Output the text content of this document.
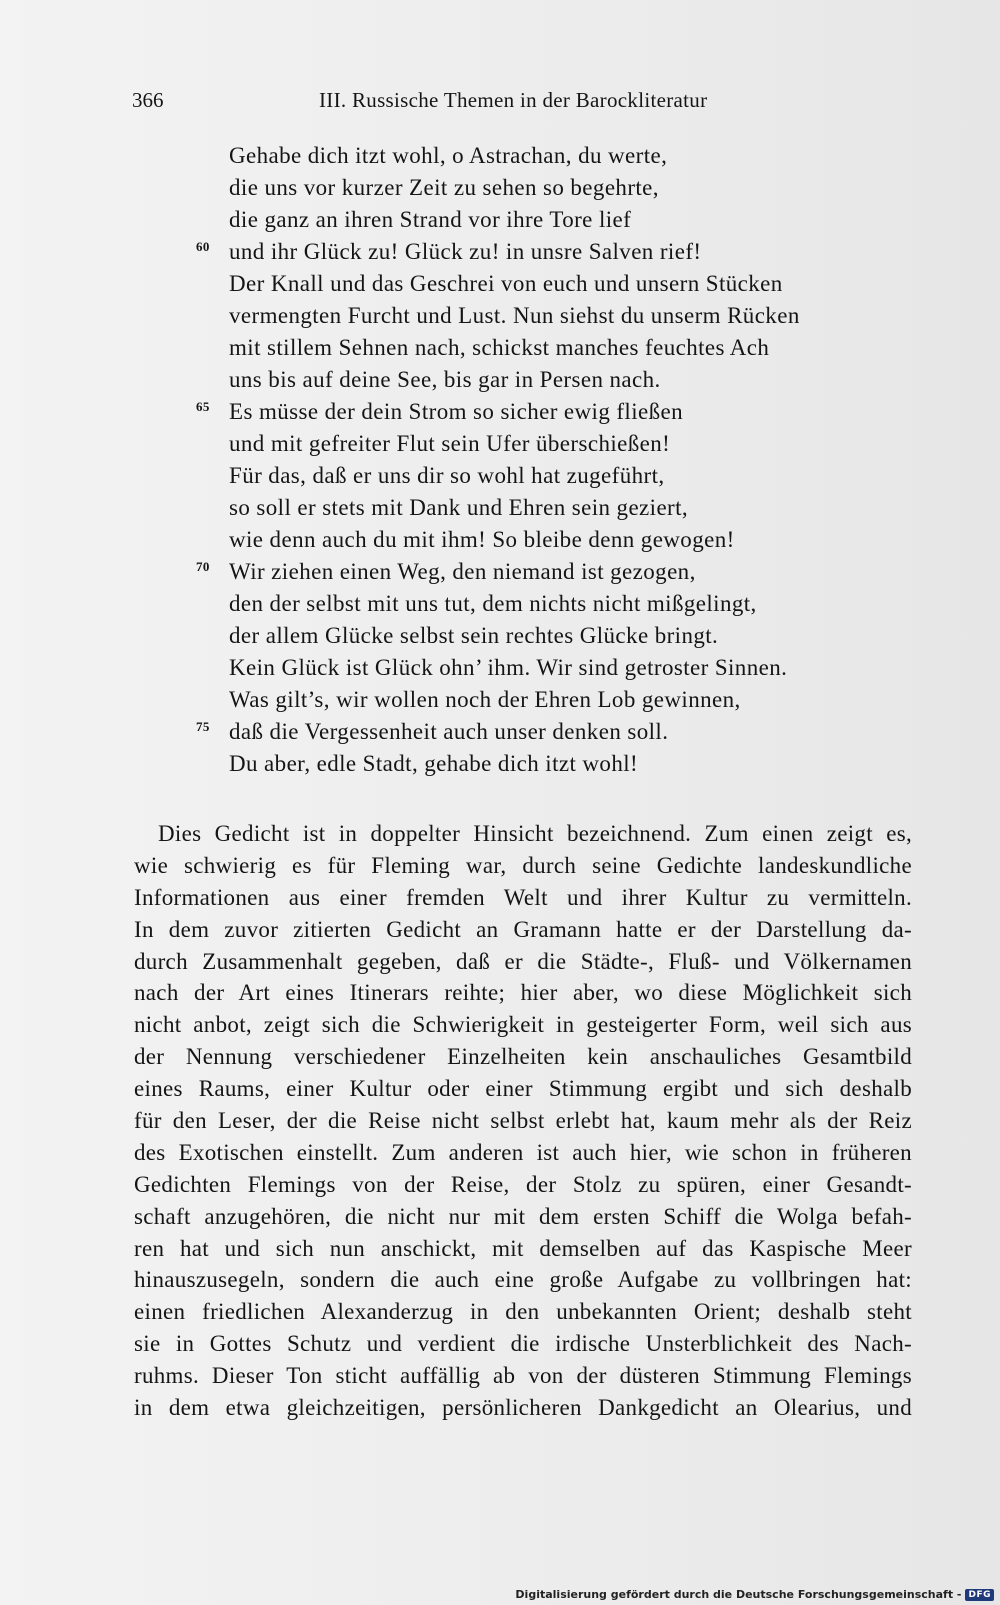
366	III. Russische Themen in der Barockliteratur
Gehabe dich itzt wohl, o Astrachan, du werte,
die uns vor kurzer Zeit zu sehen so begehrte,
die ganz an ihren Strand vor ihre Tore lief
60 und ihr Glück zu! Glück zu! in unsre Salven rief!
Der Knall und das Geschrei von euch und unsern Stücken
vermengten Furcht und Lust. Nun siehst du unserm Rücken
mit stillem Sehnen nach, schickst manches feuchtes Ach
uns bis auf deine See, bis gar in Persen nach.
65 Es müsse der dein Strom so sicher ewig fließen
und mit gefreiter Flut sein Ufer überschießen!
Für das, daß er uns dir so wohl hat zugeführt,
so soll er stets mit Dank und Ehren sein geziert,
wie denn auch du mit ihm! So bleibe denn gewogen!
70 Wir ziehen einen Weg, den niemand ist gezogen,
den der selbst mit uns tut, dem nichts nicht mißgelingt,
der allem Glücke selbst sein rechtes Glücke bringt.
Kein Glück ist Glück ohn’ ihm. Wir sind getroster Sinnen.
Was gilt’s, wir wollen noch der Ehren Lob gewinnen,
75 daß die Vergessenheit auch unser denken soll.
Du aber, edle Stadt, gehabe dich itzt wohl!
Dies Gedicht ist in doppelter Hinsicht bezeichnend. Zum einen zeigt es,
wie schwierig es für Fleming war, durch seine Gedichte landeskundliche
Informationen aus einer fremden Welt und ihrer Kultur zu vermitteln.
In dem zuvor zitierten Gedicht an Gramann hatte er der Darstellung da-
durch Zusammenhalt gegeben, daß er die Städte-, Fluß- und Völkernamen
nach der Art eines Itinerars reihte; hier aber, wo diese Möglichkeit sich
nicht anbot, zeigt sich die Schwierigkeit in gesteigerter Form, weil sich aus
der Nennung verschiedener Einzelheiten kein anschauliches Gesamtbild
eines Raums, einer Kultur oder einer Stimmung ergibt und sich deshalb
für den Leser, der die Reise nicht selbst erlebt hat, kaum mehr als der Reiz
des Exotischen einstellt. Zum anderen ist auch hier, wie schon in früheren
Gedichten Flemings von der Reise, der Stolz zu spüren, einer Gesandt-
schaft anzugehören, die nicht nur mit dem ersten Schiff die Wolga befah-
ren hat und sich nun anschickt, mit demselben auf das Kaspische Meer
hinauszusegeln, sondern die auch eine große Aufgabe zu vollbringen hat:
einen friedlichen Alexanderzug in den unbekannten Orient; deshalb steht
sie in Gottes Schutz und verdient die irdische Unsterblichkeit des Nach-
ruhms. Dieser Ton sticht auffällig ab von der düsteren Stimmung Flemings
in dem etwa gleichzeitigen, persönlicheren Dankgedicht an Olearius, und
Digitalisierung gefördert durch die Deutsche Forschungsgemeinschaft - DFG
